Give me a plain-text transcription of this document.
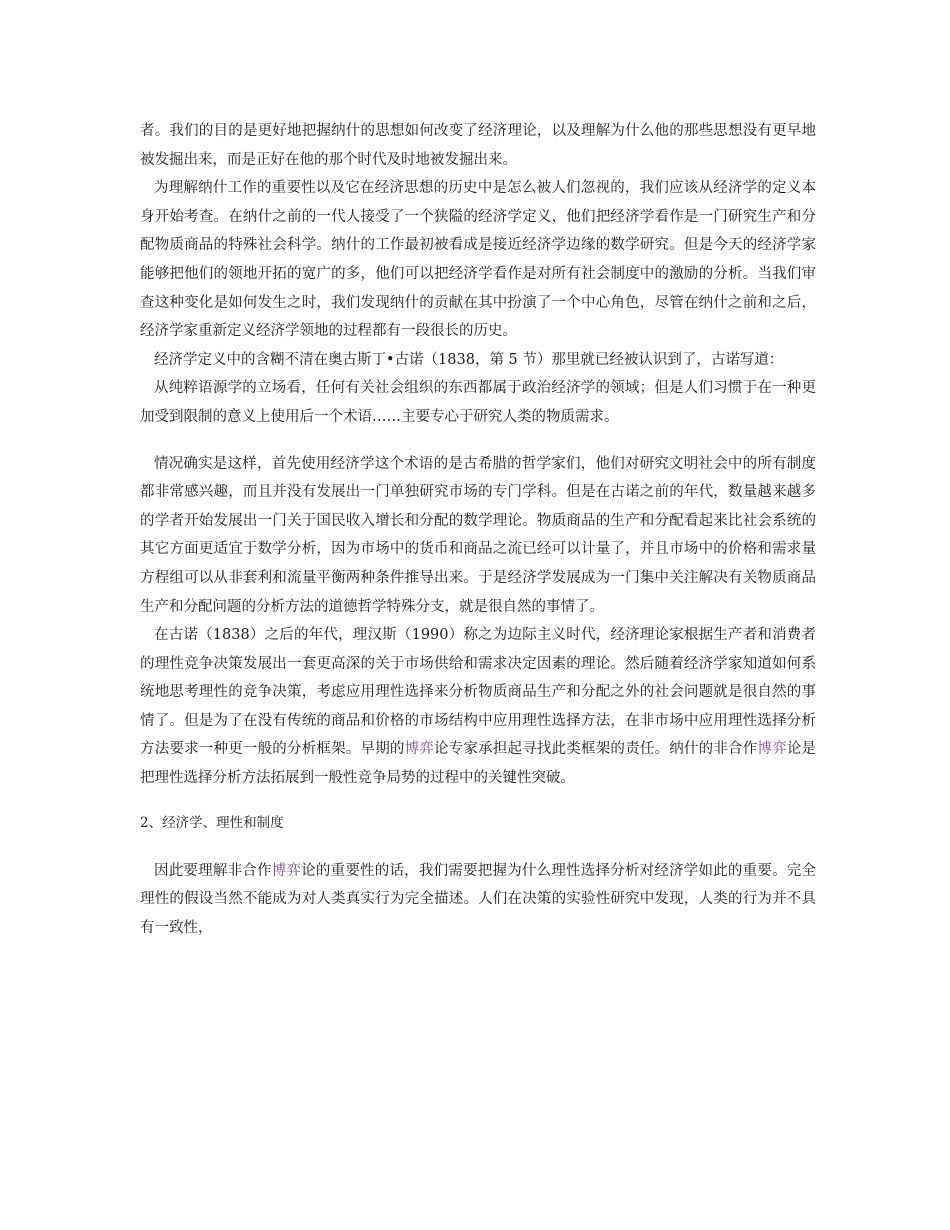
者。我们的目的是更好地把握纳什的思想如何改变了经济理论，以及理解为什么他的那些思想没有更早地被发掘出来，而是正好在他的那个时代及时地被发掘出来。

为理解纳什工作的重要性以及它在经济思想的历史中是怎么被人们忽视的，我们应该从经济学的定义本身开始考查。在纳什之前的一代人接受了一个狭隘的经济学定义，他们把经济学看作是一门研究生产和分配物质商品的特殊社会科学。纳什的工作最初被看成是接近经济学边缘的数学研究。但是今天的经济学家能够把他们的领地开拓的宽广的多，他们可以把经济学看作是对所有社会制度中的激励的分析。当我们审查这种变化是如何发生之时，我们发现纳什的贡献在其中扮演了一个中心角色，尽管在纳什之前和之后，经济学家重新定义经济学领地的过程都有一段很长的历史。

经济学定义中的含糊不清在奥古斯丁•古诺（1838，第 5 节）那里就已经被认识到了，古诺写道：

从纯粹语源学的立场看，任何有关社会组织的东西都属于政治经济学的领域；但是人们习惯于在一种更加受到限制的意义上使用后一个术语……主要专心于研究人类的物质需求。

情况确实是这样，首先使用经济学这个术语的是古希腊的哲学家们，他们对研究文明社会中的所有制度都非常感兴趣，而且并没有发展出一门单独研究市场的专门学科。但是在古诺之前的年代，数量越来越多的学者开始发展出一门关于国民收入增长和分配的数学理论。物质商品的生产和分配看起来比社会系统的其它方面更适宜于数学分析，因为市场中的货币和商品之流已经可以计量了，并且市场中的价格和需求量方程组可以从非套利和流量平衡两种条件推导出来。于是经济学发展成为一门集中关注解决有关物质商品生产和分配问题的分析方法的道德哲学特殊分支，就是很自然的事情了。

在古诺（1838）之后的年代，理汉斯（1990）称之为边际主义时代，经济理论家根据生产者和消费者的理性竞争决策发展出一套更高深的关于市场供给和需求决定因素的理论。然后随着经济学家知道如何系统地思考理性的竞争决策，考虑应用理性选择来分析物质商品生产和分配之外的社会问题就是很自然的事情了。但是为了在没有传统的商品和价格的市场结构中应用理性选择方法，在非市场中应用理性选择分析方法要求一种更一般的分析框架。早期的博弈论专家承担起寻找此类框架的责任。纳什的非合作博弈论是把理性选择分析方法拓展到一般性竞争局势的过程中的关键性突破。

2、经济学、理性和制度

因此要理解非合作博弈论的重要性的话，我们需要把握为什么理性选择分析对经济学如此的重要。完全理性的假设当然不能成为对人类真实行为完全描述。人们在决策的实验性研究中发现，人类的行为并不具有一致性，
